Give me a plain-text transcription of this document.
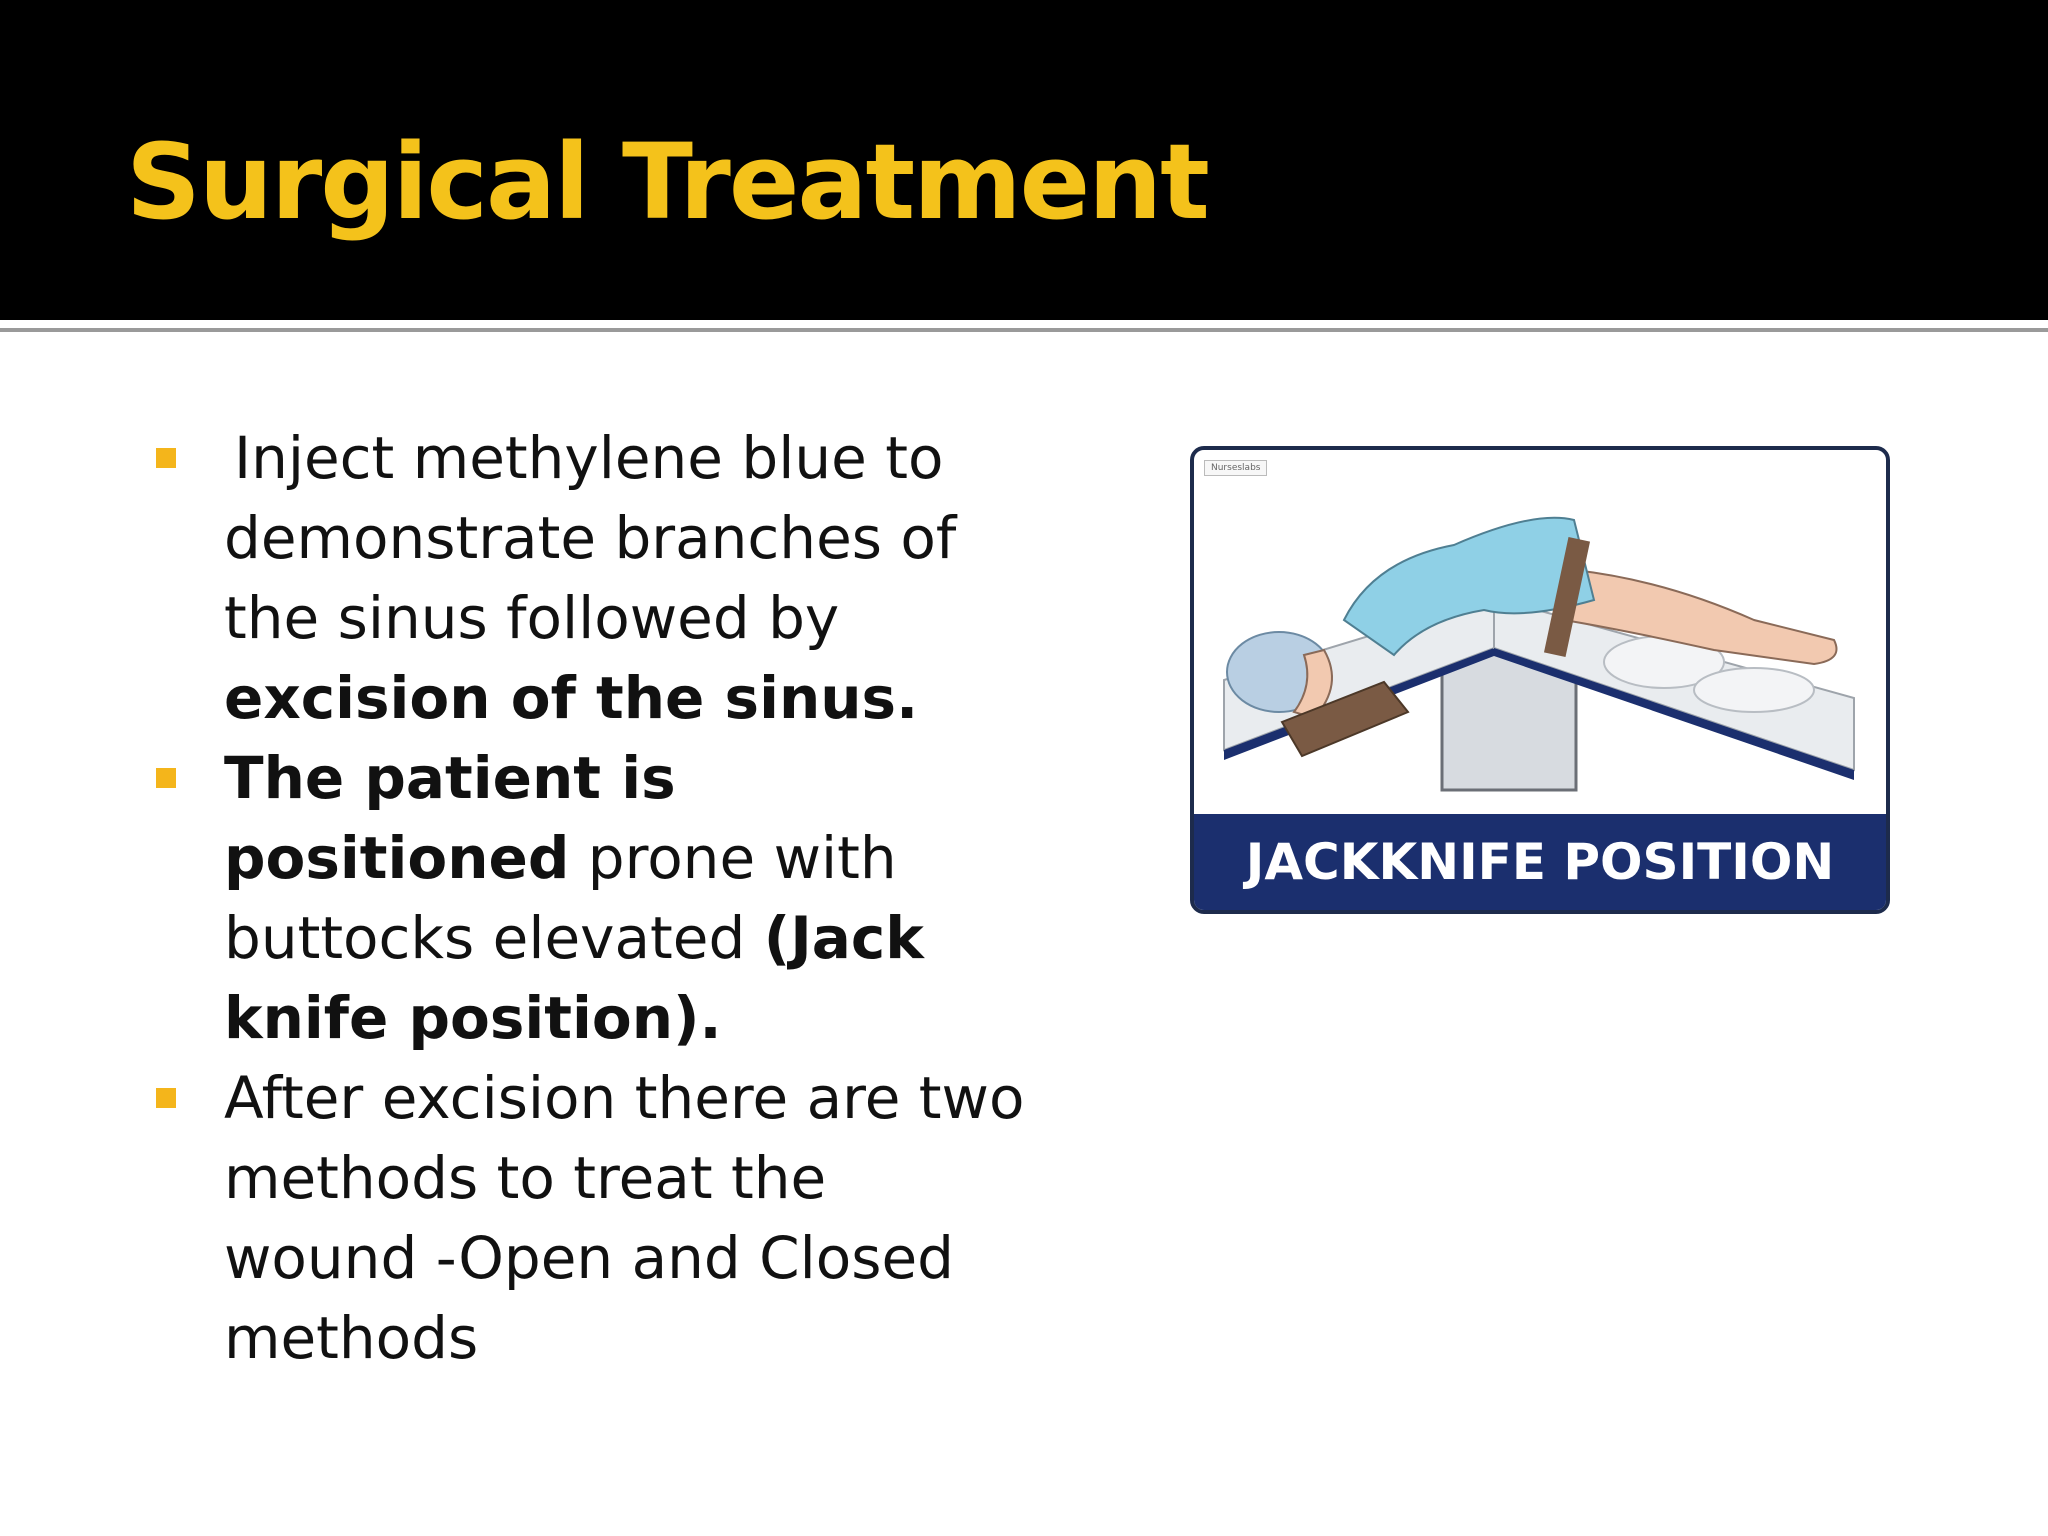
Surgical Treatment
Inject methylene blue to demonstrate branches of the sinus followed by excision of the sinus.
The patient is positioned prone with buttocks elevated (Jack knife position).
After excision there are two methods to treat the wound -Open and Closed methods
Nurseslabs
JACKKNIFE POSITION
